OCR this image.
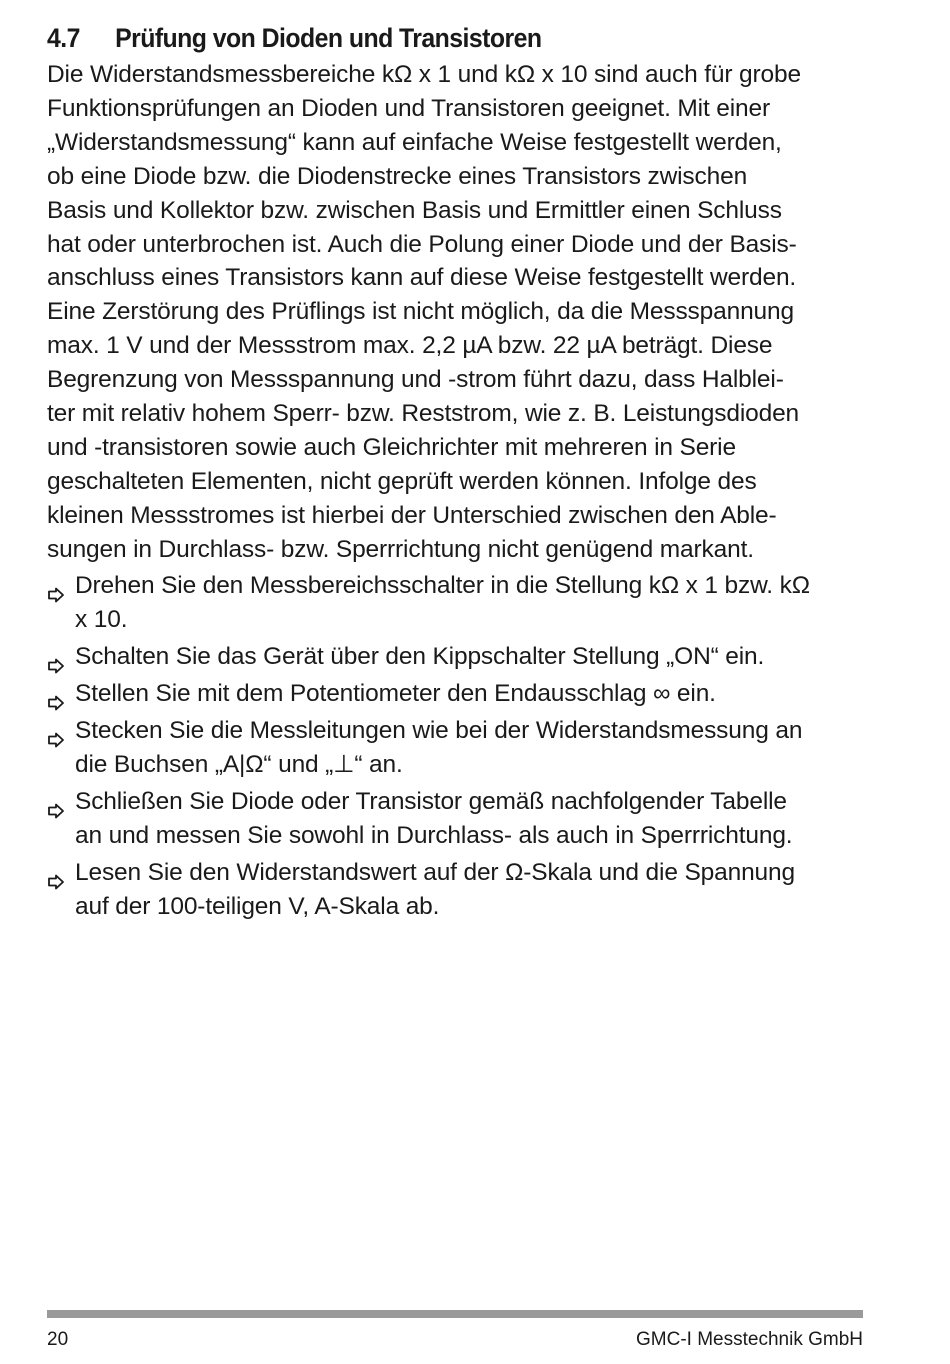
4.7	Prüfung von Dioden und Transistoren
Die Widerstandsmessbereiche kΩ x 1 und kΩ x 10 sind auch für grobe
Funktionsprüfungen an Dioden und Transistoren geeignet. Mit einer
„Widerstandsmessung“ kann auf einfache Weise festgestellt werden,
ob eine Diode bzw. die Diodenstrecke eines Transistors zwischen
Basis und Kollektor bzw. zwischen Basis und Ermittler einen Schluss
hat oder unterbrochen ist. Auch die Polung einer Diode und der Basis-
anschluss eines Transistors kann auf diese Weise festgestellt werden.
Eine Zerstörung des Prüflings ist nicht möglich, da die Messspannung
max. 1 V und der Messstrom max. 2,2 µA bzw. 22 µA beträgt. Diese
Begrenzung von Messspannung und -strom führt dazu, dass Halblei-
ter mit relativ hohem Sperr- bzw. Reststrom, wie z. B. Leistungsdioden
und -transistoren sowie auch Gleichrichter mit mehreren in Serie
geschalteten Elementen, nicht geprüft werden können. Infolge des
kleinen Messstromes ist hierbei der Unterschied zwischen den Able-
sungen in Durchlass- bzw. Sperrrichtung nicht genügend markant.
Drehen Sie den Messbereichsschalter in die Stellung kΩ x 1 bzw. kΩ
x 10.
Schalten Sie das Gerät über den Kippschalter Stellung „ON“ ein.
Stellen Sie mit dem Potentiometer den Endausschlag ∞ ein.
Stecken Sie die Messleitungen wie bei der Widerstandsmessung an
die Buchsen „A|Ω“ und „⊥“ an.
Schließen Sie Diode oder Transistor gemäß nachfolgender Tabelle
an und messen Sie sowohl in Durchlass- als auch in Sperrrichtung.
Lesen Sie den Widerstandswert auf der Ω-Skala und die Spannung
auf der 100-teiligen V, A-Skala ab.
20	GMC-I Messtechnik GmbH
